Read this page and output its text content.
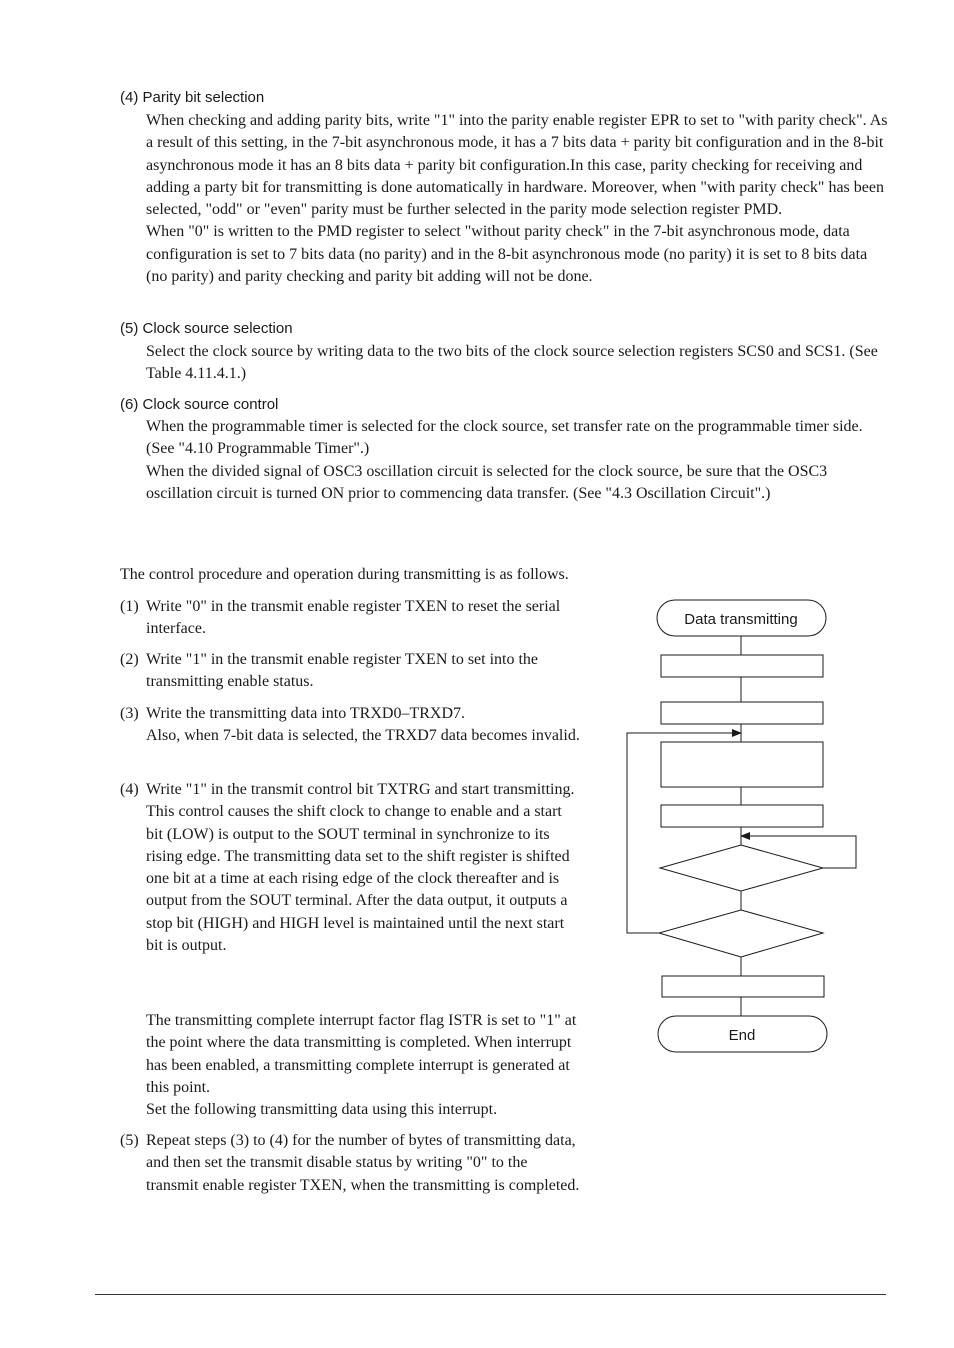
(4) Parity bit selection

When checking and adding parity bits, write "1" into the parity enable register EPR to set to "with parity check". As a result of this setting, in the 7-bit asynchronous mode, it has a 7 bits data + parity bit configuration and in the 8-bit asynchronous mode it has an 8 bits data + parity bit configuration.In this case, parity checking for receiving and adding a party bit for transmitting is done automatically in hardware. Moreover, when "with parity check" has been selected, "odd" or "even" parity must be further selected in the parity mode selection register PMD.

When "0" is written to the PMD register to select "without parity check" in the 7-bit asynchronous mode, data configuration is set to 7 bits data (no parity) and in the 8-bit asynchronous mode (no parity) it is set to 8 bits data (no parity) and parity checking and parity bit adding will not be done.

(5) Clock source selection

Select the clock source by writing data to the two bits of the clock source selection registers SCS0 and SCS1. (See Table 4.11.4.1.)

(6) Clock source control

When the programmable timer is selected for the clock source, set transfer rate on the programmable timer side. (See "4.10 Programmable Timer".)

When the divided signal of OSC3 oscillation circuit is selected for the clock source, be sure that the OSC3 oscillation circuit is turned ON prior to commencing data transfer. (See "4.3 Oscillation Circuit".)

The control procedure and operation during transmitting is as follows.
(1) Write "0" in the transmit enable register TXEN to reset the serial interface.

(2) Write "1" in the transmit enable register TXEN to set into the transmitting enable status.

(3) Write the transmitting data into TRXD0–TRXD7.

Also, when 7-bit data is selected, the TRXD7 data becomes invalid.

(4) Write "1" in the transmit control bit TXTRG and start transmitting.

This control causes the shift clock to change to enable and a start bit (LOW) is output to the SOUT terminal in synchronize to its rising edge. The transmitting data set to the shift register is shifted one bit at a time at each rising edge of the clock thereafter and is output from the SOUT terminal. After the data output, it outputs a stop bit (HIGH) and HIGH level is maintained until the next start bit is output.

The transmitting complete interrupt factor flag ISTR is set to "1" at the point where the data transmitting is completed. When interrupt has been enabled, a transmitting complete interrupt is generated at this point.

Set the following transmitting data using this interrupt.

(5) Repeat steps (3) to (4) for the number of bytes of transmitting data, and then set the transmit disable status by writing "0" to the transmit enable register TXEN, when the transmitting is completed.

Data transmitting
End
